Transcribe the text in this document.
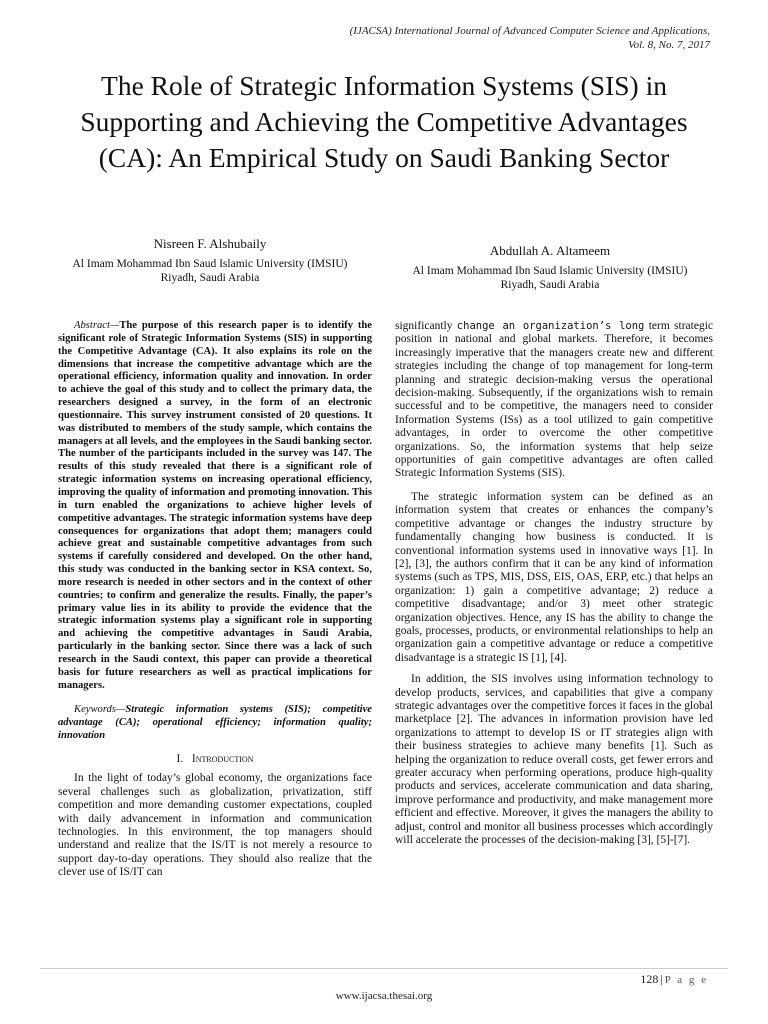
(IJACSA) International Journal of Advanced Computer Science and Applications,
Vol. 8, No. 7, 2017
The Role of Strategic Information Systems (SIS) in Supporting and Achieving the Competitive Advantages (CA): An Empirical Study on Saudi Banking Sector
Nisreen F. Alshubaily
Al Imam Mohammad Ibn Saud Islamic University (IMSIU)
Riyadh, Saudi Arabia
Abdullah A. Altameem
Al Imam Mohammad Ibn Saud Islamic University (IMSIU)
Riyadh, Saudi Arabia

Abstract—The purpose of this research paper is to identify the significant role of Strategic Information Systems (SIS) in supporting the Competitive Advantage (CA). It also explains its role on the dimensions that increase the competitive advantage which are the operational efficiency, information quality and innovation. In order to achieve the goal of this study and to collect the primary data, the researchers designed a survey, in the form of an electronic questionnaire. This survey instrument consisted of 20 questions. It was distributed to members of the study sample, which contains the managers at all levels, and the employees in the Saudi banking sector. The number of the participants included in the survey was 147. The results of this study revealed that there is a significant role of strategic information systems on increasing operational efficiency, improving the quality of information and promoting innovation. This in turn enabled the organizations to achieve higher levels of competitive advantages. The strategic information systems have deep consequences for organizations that adopt them; managers could achieve great and sustainable competitive advantages from such systems if carefully considered and developed. On the other hand, this study was conducted in the banking sector in KSA context. So, more research is needed in other sectors and in the context of other countries; to confirm and generalize the results. Finally, the paper’s primary value lies in its ability to provide the evidence that the strategic information systems play a significant role in supporting and achieving the competitive advantages in Saudi Arabia, particularly in the banking sector. Since there was a lack of such research in the Saudi context, this paper can provide a theoretical basis for future researchers as well as practical implications for managers.

Keywords—Strategic information systems (SIS); competitive advantage (CA); operational efficiency; information quality; innovation

I. Introduction

In the light of today’s global economy, the organizations face several challenges such as globalization, privatization, stiff competition and more demanding customer expectations, coupled with daily advancement in information and communication technologies. In this environment, the top managers should understand and realize that the IS/IT is not merely a resource to support day-to-day operations. They should also realize that the clever use of IS/IT can

significantly change an organization’s long term strategic position in national and global markets. Therefore, it becomes increasingly imperative that the managers create new and different strategies including the change of top management for long-term planning and strategic decision-making versus the operational decision-making. Subsequently, if the organizations wish to remain successful and to be competitive, the managers need to consider Information Systems (ISs) as a tool utilized to gain competitive advantages, in order to overcome the other competitive organizations. So, the information systems that help seize opportunities of gain competitive advantages are often called Strategic Information Systems (SIS).

The strategic information system can be defined as an information system that creates or enhances the company’s competitive advantage or changes the industry structure by fundamentally changing how business is conducted. It is conventional information systems used in innovative ways [1]. In [2], [3], the authors confirm that it can be any kind of information systems (such as TPS, MIS, DSS, EIS, OAS, ERP, etc.) that helps an organization: 1) gain a competitive advantage; 2) reduce a competitive disadvantage; and/or 3) meet other strategic organization objectives. Hence, any IS has the ability to change the goals, processes, products, or environmental relationships to help an organization gain a competitive advantage or reduce a competitive disadvantage is a strategic IS [1], [4].

In addition, the SIS involves using information technology to develop products, services, and capabilities that give a company strategic advantages over the competitive forces it faces in the global marketplace [2]. The advances in information provision have led organizations to attempt to develop IS or IT strategies align with their business strategies to achieve many benefits [1]. Such as helping the organization to reduce overall costs, get fewer errors and greater accuracy when performing operations, produce high-quality products and services, accelerate communication and data sharing, improve performance and productivity, and make management more efficient and effective. Moreover, it gives the managers the ability to adjust, control and monitor all business processes which accordingly will accelerate the processes of the decision-making [3], [5]-[7].

128 | P a g e
www.ijacsa.thesai.org
